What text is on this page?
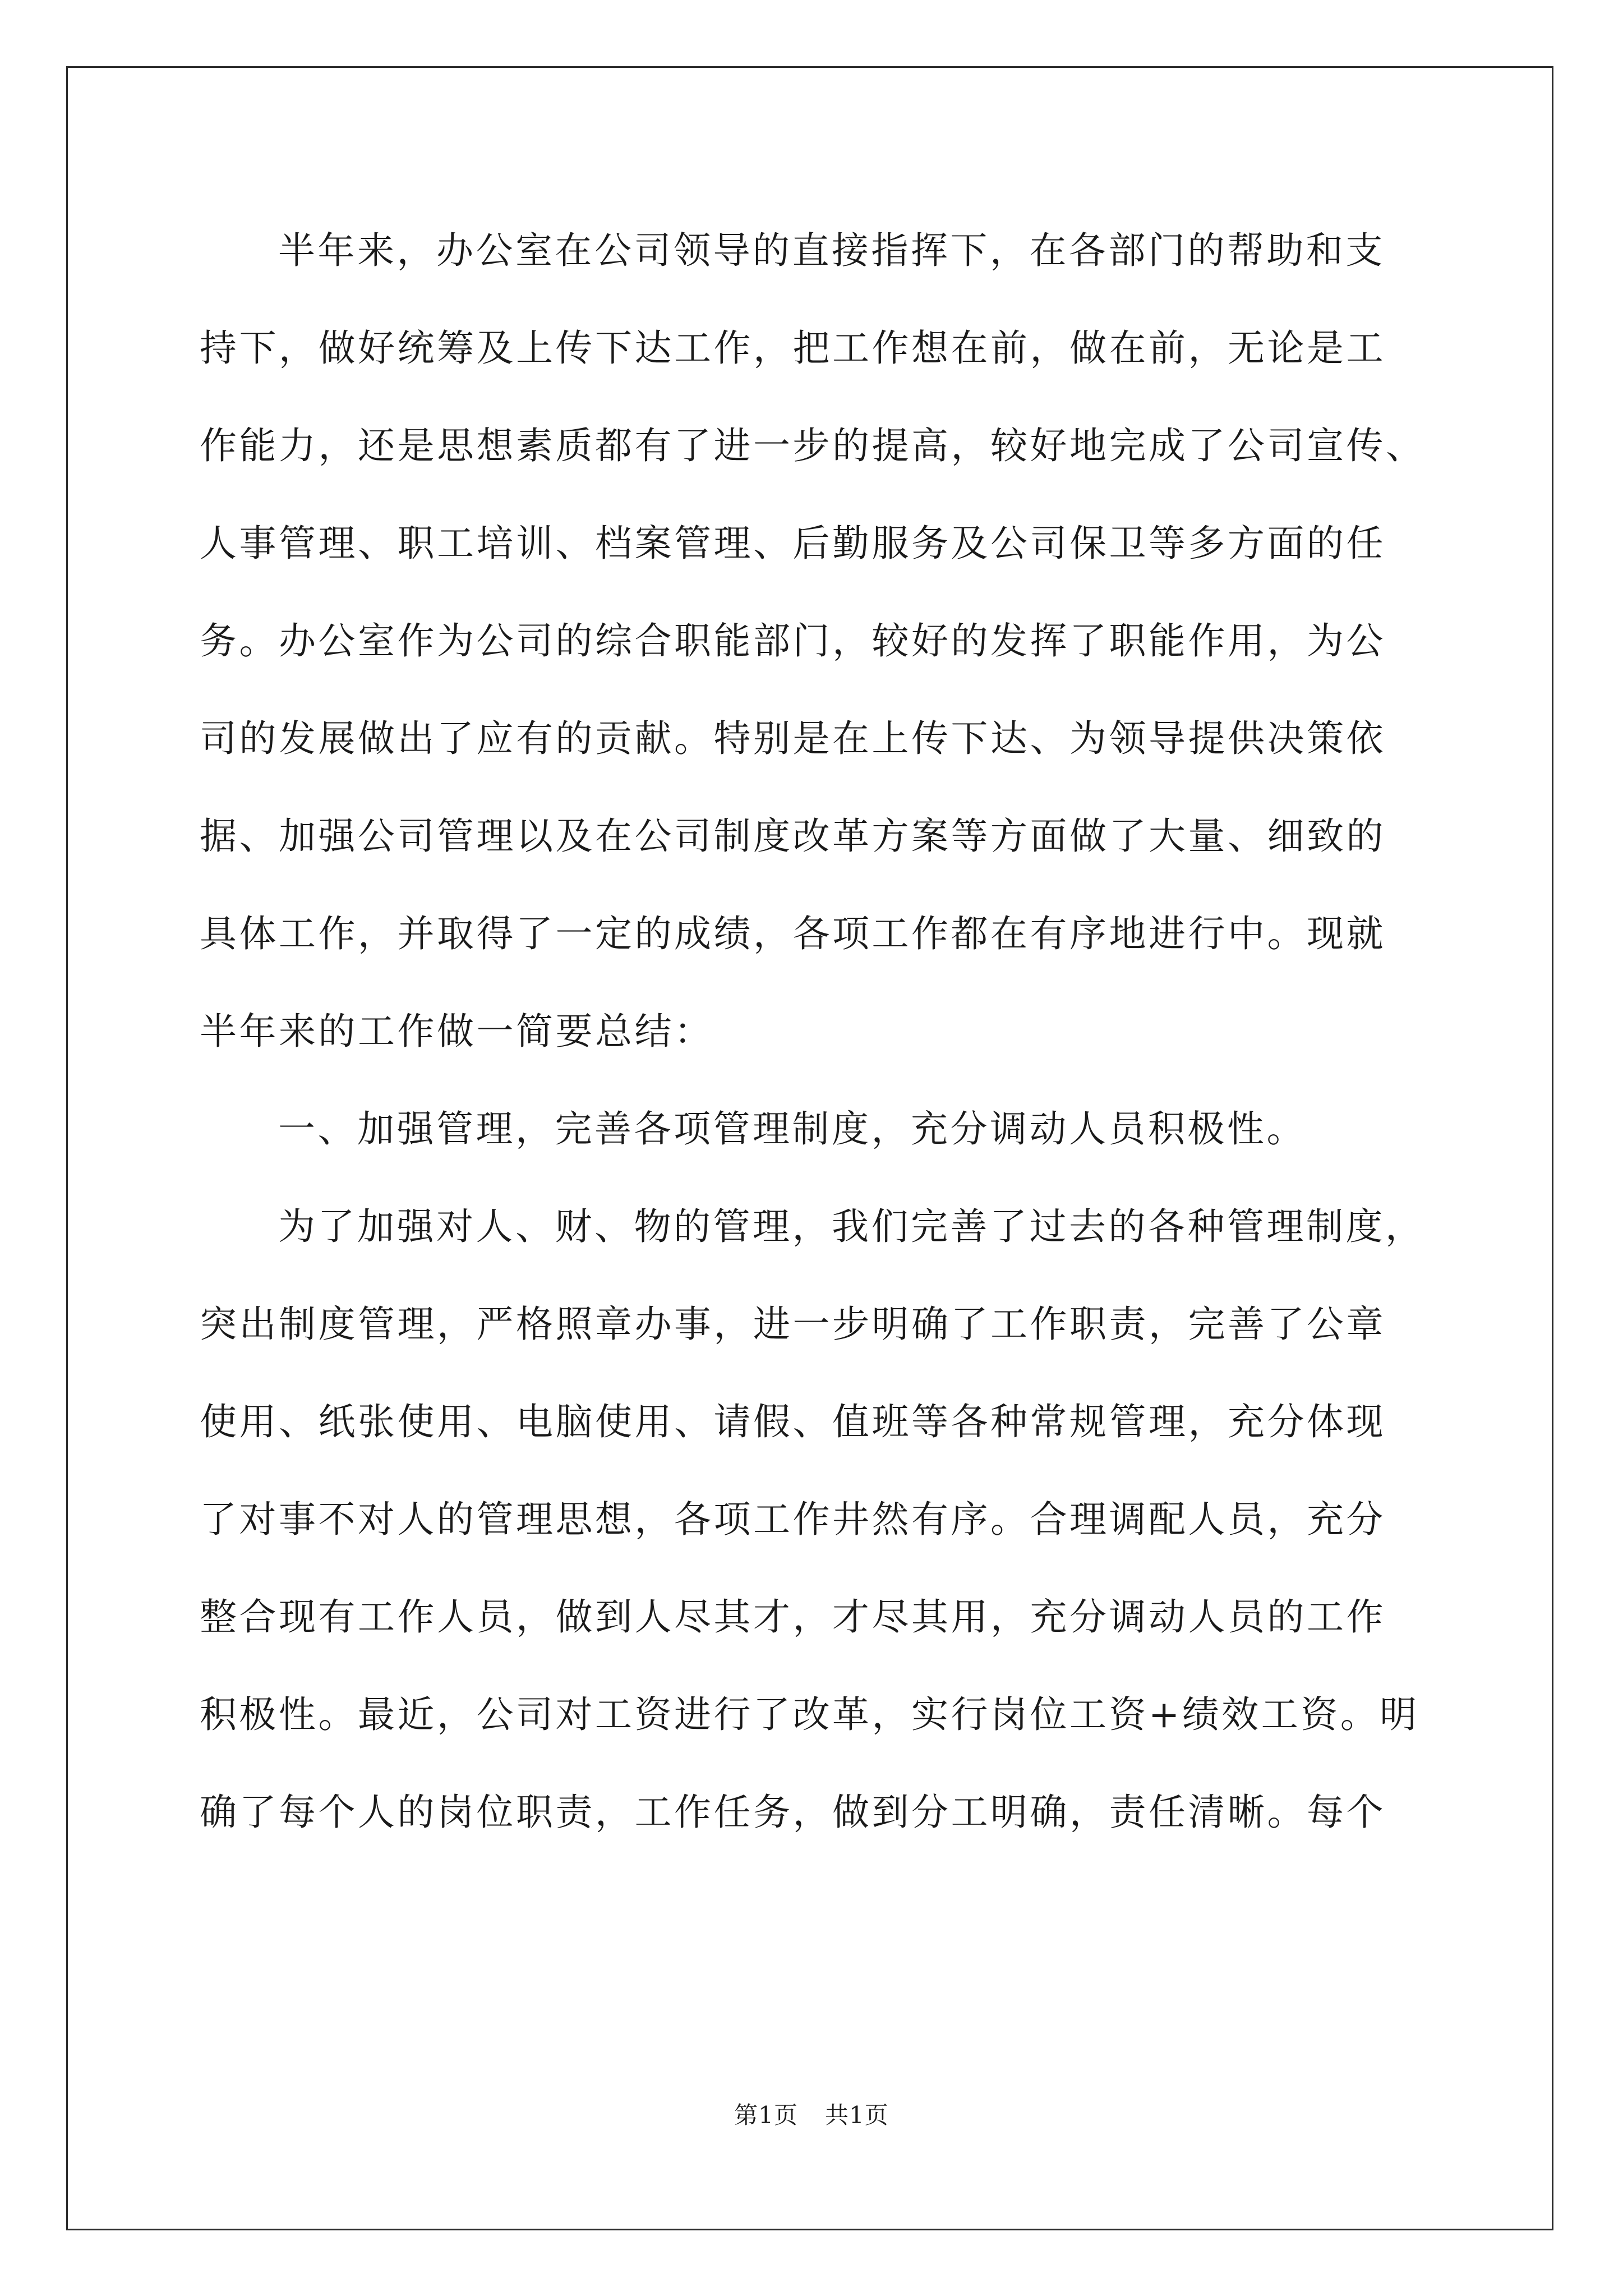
半年来，办公室在公司领导的直接指挥下，在各部门的帮助和支

持下，做好统筹及上传下达工作，把工作想在前，做在前，无论是工

作能力，还是思想素质都有了进一步的提高，较好地完成了公司宣传、

人事管理、职工培训、档案管理、后勤服务及公司保卫等多方面的任

务。办公室作为公司的综合职能部门，较好的发挥了职能作用，为公

司的发展做出了应有的贡献。特别是在上传下达、为领导提供决策依

据、加强公司管理以及在公司制度改革方案等方面做了大量、细致的

具体工作，并取得了一定的成绩，各项工作都在有序地进行中。现就

半年来的工作做一简要总结：

一、加强管理，完善各项管理制度，充分调动人员积极性。

为了加强对人、财、物的管理，我们完善了过去的各种管理制度，

突出制度管理，严格照章办事，进一步明确了工作职责，完善了公章

使用、纸张使用、电脑使用、请假、值班等各种常规管理，充分体现

了对事不对人的管理思想，各项工作井然有序。合理调配人员，充分

整合现有工作人员，做到人尽其才，才尽其用，充分调动人员的工作

积极性。最近，公司对工资进行了改革，实行岗位工资+绩效工资。明

确了每个人的岗位职责，工作任务，做到分工明确，责任清晰。每个

第1页 共1页
